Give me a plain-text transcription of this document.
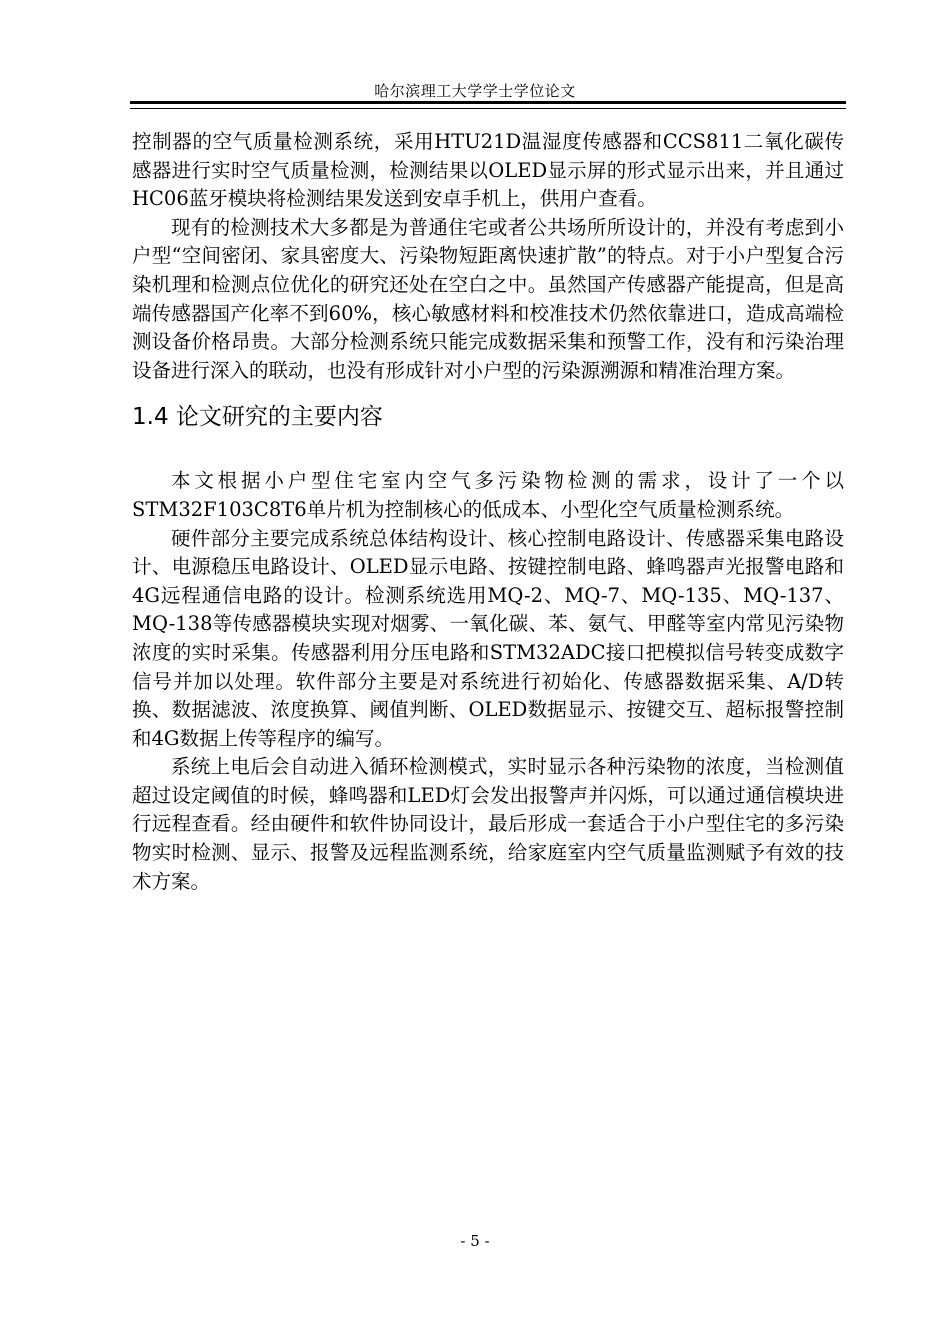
哈尔滨理工大学学士学位论文

控制器的空气质量检测系统，采用HTU21D温湿度传感器和CCS811二氧化碳传感器进行实时空气质量检测，检测结果以OLED显示屏的形式显示出来，并且通过HC06蓝牙模块将检测结果发送到安卓手机上，供用户查看。

现有的检测技术大多都是为普通住宅或者公共场所所设计的，并没有考虑到小户型“空间密闭、家具密度大、污染物短距离快速扩散”的特点。对于小户型复合污染机理和检测点位优化的研究还处在空白之中。虽然国产传感器产能提高，但是高端传感器国产化率不到60%，核心敏感材料和校准技术仍然依靠进口，造成高端检测设备价格昂贵。大部分检测系统只能完成数据采集和预警工作，没有和污染治理设备进行深入的联动，也没有形成针对小户型的污染源溯源和精准治理方案。

1.4 论文研究的主要内容

本文根据小户型住宅室内空气多污染物检测的需求，设计了一个以STM32F103C8T6单片机为控制核心的低成本、小型化空气质量检测系统。

硬件部分主要完成系统总体结构设计、核心控制电路设计、传感器采集电路设计、电源稳压电路设计、OLED显示电路、按键控制电路、蜂鸣器声光报警电路和4G远程通信电路的设计。检测系统选用MQ-2、MQ-7、MQ-135、MQ-137、MQ-138等传感器模块实现对烟雾、一氧化碳、苯、氨气、甲醛等室内常见污染物浓度的实时采集。传感器利用分压电路和STM32ADC接口把模拟信号转变成数字信号并加以处理。软件部分主要是对系统进行初始化、传感器数据采集、A/D转换、数据滤波、浓度换算、阈值判断、OLED数据显示、按键交互、超标报警控制和4G数据上传等程序的编写。

系统上电后会自动进入循环检测模式，实时显示各种污染物的浓度，当检测值超过设定阈值的时候，蜂鸣器和LED灯会发出报警声并闪烁，可以通过通信模块进行远程查看。经由硬件和软件协同设计，最后形成一套适合于小户型住宅的多污染物实时检测、显示、报警及远程监测系统，给家庭室内空气质量监测赋予有效的技术方案。

- 5 -
